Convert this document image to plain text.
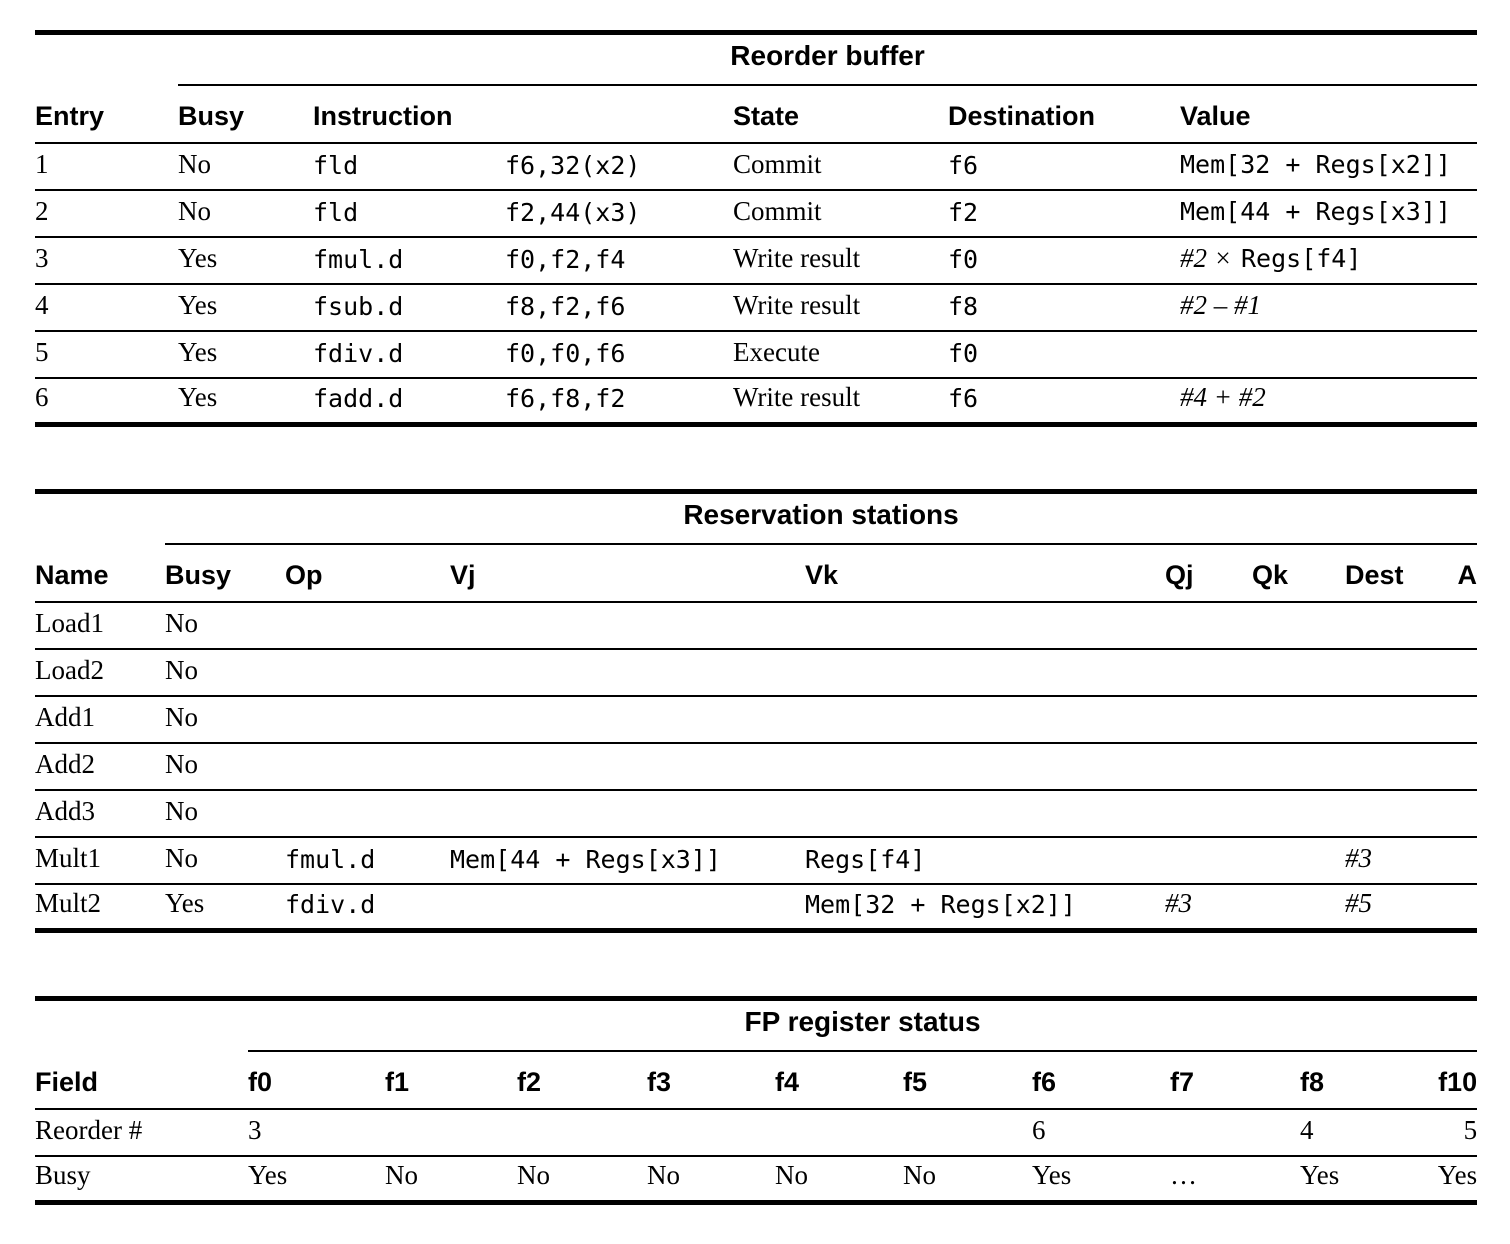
	Reorder buffer					
Entry	Busy	Instruction		State	Destination	Value
1	No	fld	f6,32(x2)	Commit	f6	Mem[32 + Regs[x2]]
2	No	fld	f2,44(x3)	Commit	f2	Mem[44 + Regs[x3]]
3	Yes	fmul.d	f0,f2,f4	Write result	f0	#2 × Regs[f4]
4	Yes	fsub.d	f8,f2,f6	Write result	f8	#2 – #1
5	Yes	fdiv.d	f0,f0,f6	Execute	f0	
6	Yes	fadd.d	f6,f8,f2	Write result	f6	#4 + #2
	Reservation stations							
Name	Busy	Op	Vj	Vk	Qj	Qk	Dest	A
Load1	No							
Load2	No							
Add1	No							
Add2	No							
Add3	No							
Mult1	No	fmul.d	Mem[44 + Regs[x3]]	Regs[f4]			#3	
Mult2	Yes	fdiv.d		Mem[32 + Regs[x2]]	#3		#5	
	FP register status									
Field	f0	f1	f2	f3	f4	f5	f6	f7	f8	f10
Reorder #	3						6		4	5
Busy	Yes	No	No	No	No	No	Yes	…	Yes	Yes
